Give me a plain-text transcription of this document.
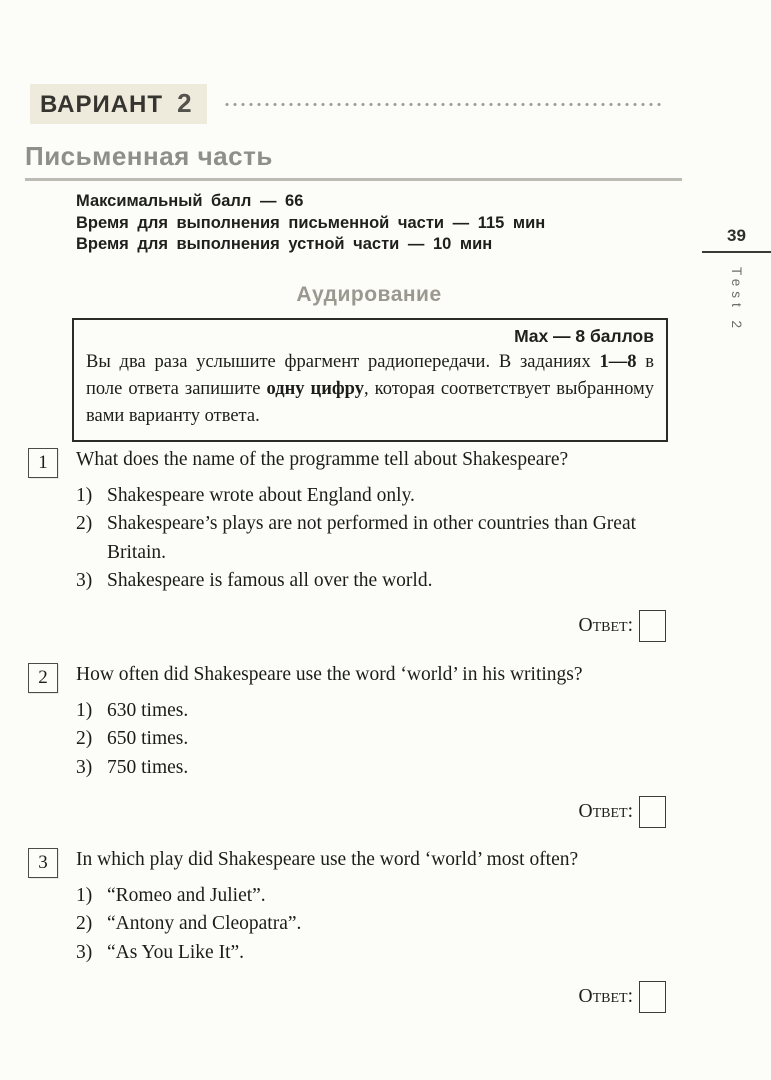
ВАРИАНТ 2
Письменная часть
Максимальный балл — 66
Время для выполнения письменной части — 115 мин
Время для выполнения устной части — 10 мин	39
Test 2
Аудирование
Max — 8 баллов
Вы два раза услышите фрагмент радиопередачи. В заданиях 1—8 в поле ответа запишите одну цифру, которая соответствует выбранному вами варианту ответа.
1	What does the name of the programme tell about Shakespeare?

1) Shakespeare wrote about England only.
2) Shakespeare’s plays are not performed in other countries than Great Britain.
3) Shakespeare is famous all over the world.
Ответ:
2	How often did Shakespeare use the word ‘world’ in his writings?

1) 630 times.
2) 650 times.
3) 750 times.
Ответ:
3	In which play did Shakespeare use the word ‘world’ most often?

1) “Romeo and Juliet”.
2) “Antony and Cleopatra”.
3) “As You Like It”.
Ответ:
